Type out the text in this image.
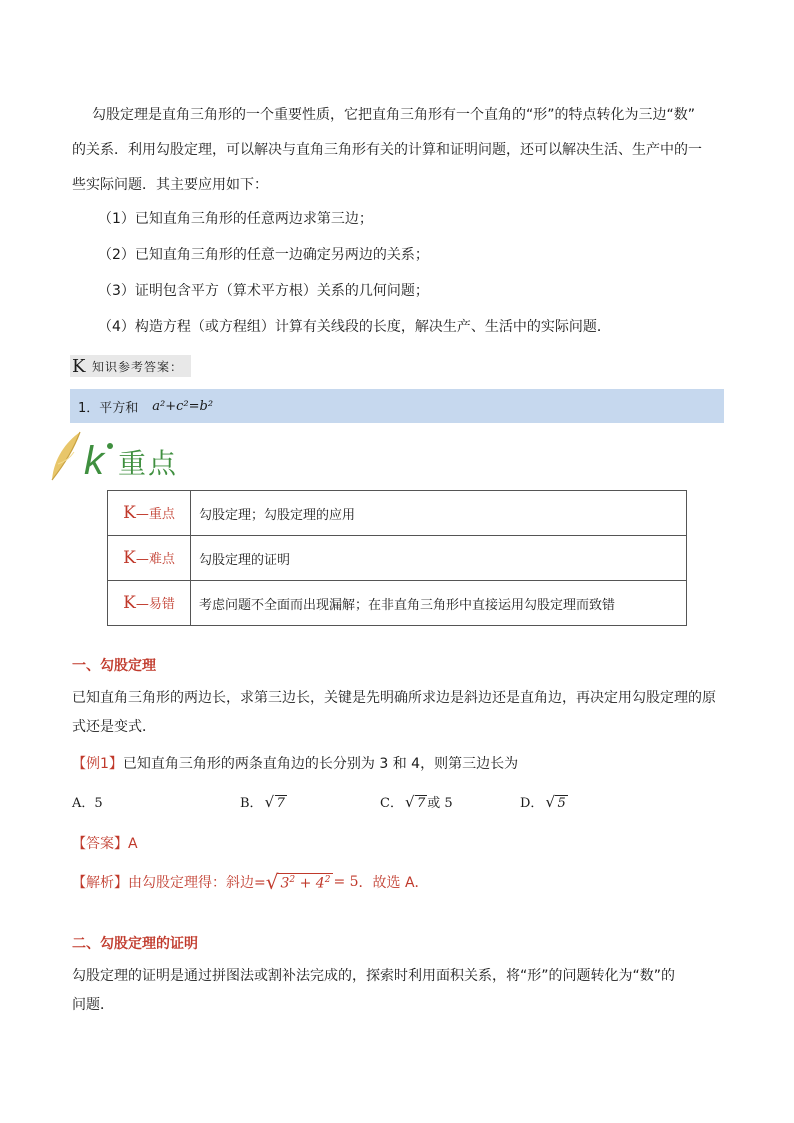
勾股定理是直角三角形的一个重要性质，它把直角三角形有一个直角的“形”的特点转化为三边“数”
的关系．利用勾股定理，可以解决与直角三角形有关的计算和证明问题，还可以解决生活、生产中的一
些实际问题．其主要应用如下：
（1）已知直角三角形的任意两边求第三边；
（2）已知直角三角形的任意一边确定另两边的关系；
（3）证明包含平方（算术平方根）关系的几何问题；
（4）构造方程（或方程组）计算有关线段的长度，解决生产、生活中的实际问题．
K 知识参考答案：
1．平方和 a²+c²=b²
k 重点
K—重点	勾股定理；勾股定理的应用
K—难点	勾股定理的证明
K—易错	考虑问题不全面而出现漏解；在非直角三角形中直接运用勾股定理而致错
一、勾股定理
已知直角三角形的两边长，求第三边长，关键是先明确所求边是斜边还是直角边，再决定用勾股定理的原
式还是变式．
【例1】已知直角三角形的两条直角边的长分别为 3 和 4，则第三边长为
A．5	B． √ 7	C． √ 7 或 5	D． √ 5
【答案】A
【解析】 由勾股定理得：斜边= √ $3^2 + 4^2 = 5$ ．故选 A．
二、勾股定理的证明
勾股定理的证明是通过拼图法或割补法完成的，探索时利用面积关系，将“形”的问题转化为“数”的
问题．
